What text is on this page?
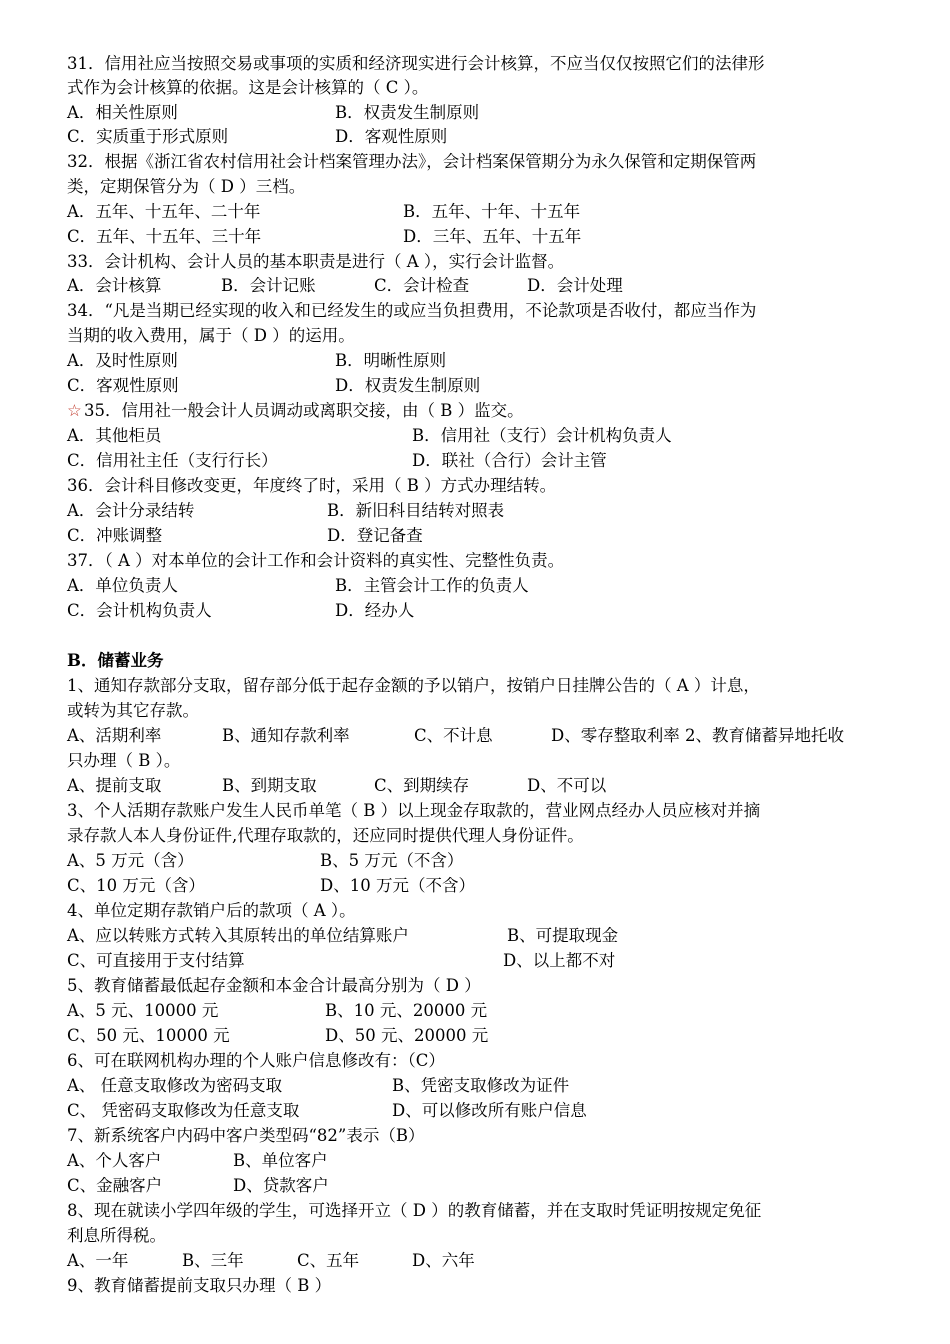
31．信用社应当按照交易或事项的实质和经济现实进行会计核算，不应当仅仅按照它们的法律形
式作为会计核算的依据。这是会计核算的（ C ）。
A．相关性原则	B．权责发生制原则
C．实质重于形式原则	D．客观性原则
32．根据《浙江省农村信用社会计档案管理办法》，会计档案保管期分为永久保管和定期保管两
类，定期保管分为（ D ）三档。
A．五年、十五年、二十年	B．五年、十年、十五年
C．五年、十五年、三十年	D．三年、五年、十五年
33．会计机构、会计人员的基本职责是进行（ A ），实行会计监督。
A．会计核算	B．会计记账	C．会计检查	D．会计处理
34．“凡是当期已经实现的收入和已经发生的或应当负担费用，不论款项是否收付，都应当作为
当期的收入费用，属于（ D ）的运用。
A．及时性原则	B．明晰性原则
C．客观性原则	D．权责发生制原则
☆ 35．信用社一般会计人员调动或离职交接，由（ B ）监交。
A．其他柜员	B．信用社（支行）会计机构负责人
C．信用社主任（支行行长）	D．联社（合行）会计主管
36．会计科目修改变更，年度终了时，采用（ B ）方式办理结转。
A．会计分录结转	B．新旧科目结转对照表
C．冲账调整	D．登记备查
37．（ A ）对本单位的会计工作和会计资料的真实性、完整性负责。
A．单位负责人	B．主管会计工作的负责人
C．会计机构负责人	D．经办人
B．储蓄业务
1、通知存款部分支取，留存部分低于起存金额的予以销户，按销户日挂牌公告的（ A ）计息，
或转为其它存款。
A、活期利率	B、通知存款利率	C、不计息	D、零存整取利率 2、教育储蓄异地托收
只办理（ B ）。
A、提前支取	B、到期支取	C、到期续存	D、不可以
3、个人活期存款账户发生人民币单笔（ B ）以上现金存取款的，营业网点经办人员应核对并摘
录存款人本人身份证件,代理存取款的，还应同时提供代理人身份证件。
A、5 万元（含）	B、5 万元（不含）
C、10 万元（含）	D、10 万元（不含）
4、单位定期存款销户后的款项（ A ）。
A、应以转账方式转入其原转出的单位结算账户	B、可提取现金
C、可直接用于支付结算	D、以上都不对
5、教育储蓄最低起存金额和本金合计最高分别为（ D ）
A、5 元、10000 元	B、10 元、20000 元
C、50 元、10000 元	D、50 元、20000 元
6、可在联网机构办理的个人账户信息修改有：（C）
A、 任意支取修改为密码支取	B、凭密支取修改为证件
C、 凭密码支取修改为任意支取	D、可以修改所有账户信息
7、新系统客户内码中客户类型码“82”表示（B）
A、个人客户	B、单位客户
C、金融客户	D、贷款客户
8、现在就读小学四年级的学生，可选择开立（ D ）的教育储蓄，并在支取时凭证明按规定免征
利息所得税。
A、一年	B、三年	C、五年	D、六年
9、教育储蓄提前支取只办理（ B ）
